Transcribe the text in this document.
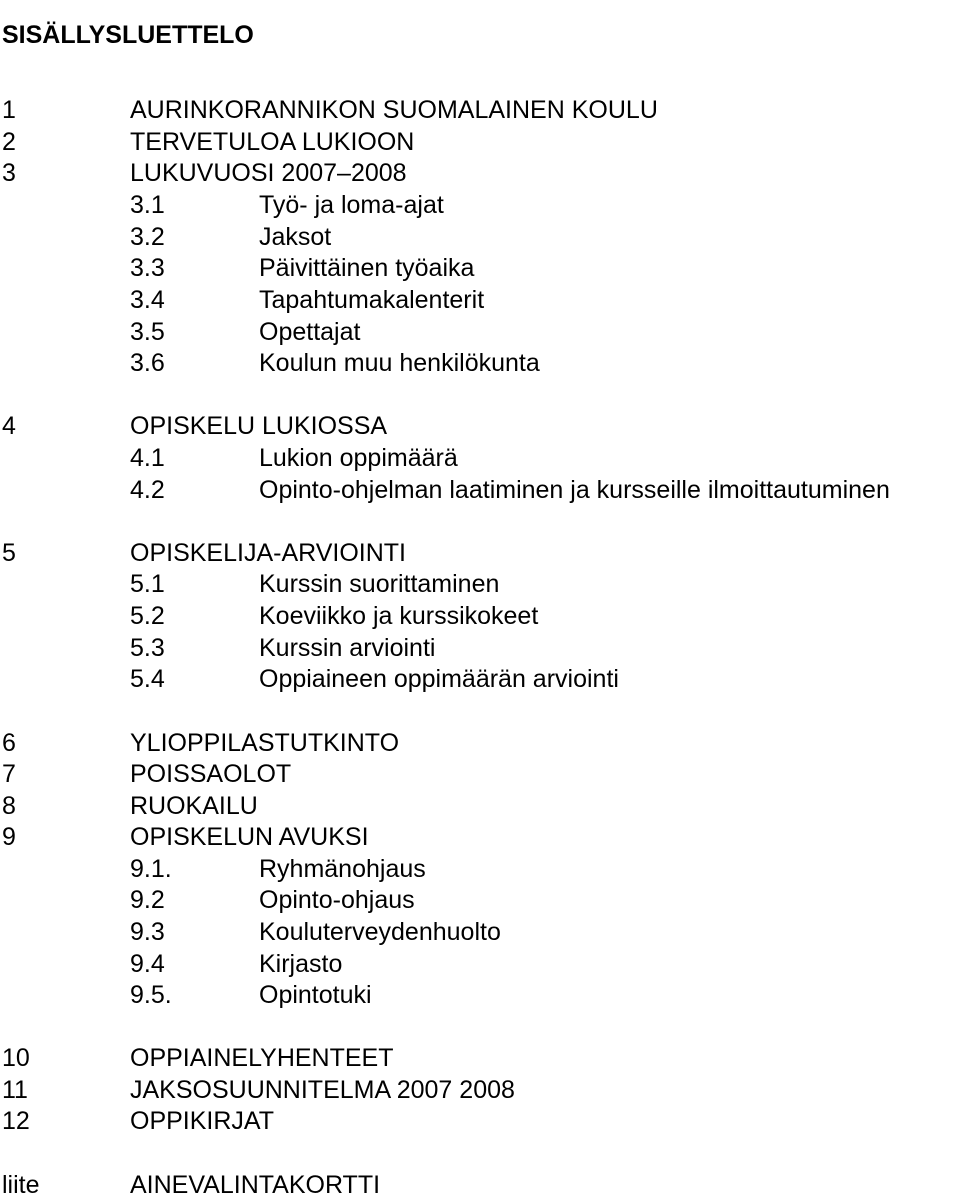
SISÄLLYSLUETTELO
1	AURINKORANNIKON SUOMALAINEN KOULU
2	TERVETULOA LUKIOON
3	LUKUVUOSI 2007–2008
3.1	Työ- ja loma-ajat
3.2	Jaksot
3.3	Päivittäinen työaika
3.4	Tapahtumakalenterit
3.5	Opettajat
3.6	Koulun muu henkilökunta
4	OPISKELU LUKIOSSA
4.1	Lukion oppimäärä
4.2	Opinto-ohjelman laatiminen ja kursseille ilmoittautuminen
5	OPISKELIJA-ARVIOINTI
5.1	Kurssin suorittaminen
5.2	Koeviikko ja kurssikokeet
5.3	Kurssin arviointi
5.4	Oppiaineen oppimäärän arviointi
6	YLIOPPILASTUTKINTO
7	POISSAOLOT
8	RUOKAILU
9	OPISKELUN AVUKSI
9.1.	Ryhmänohjaus
9.2	Opinto-ohjaus
9.3	Kouluterveydenhuolto
9.4	Kirjasto
9.5.	Opintotuki
10	OPPIAINELYHENTEET
11	JAKSOSUUNNITELMA 2007 2008
12	OPPIKIRJAT
liite	AINEVALINTAKORTTI
